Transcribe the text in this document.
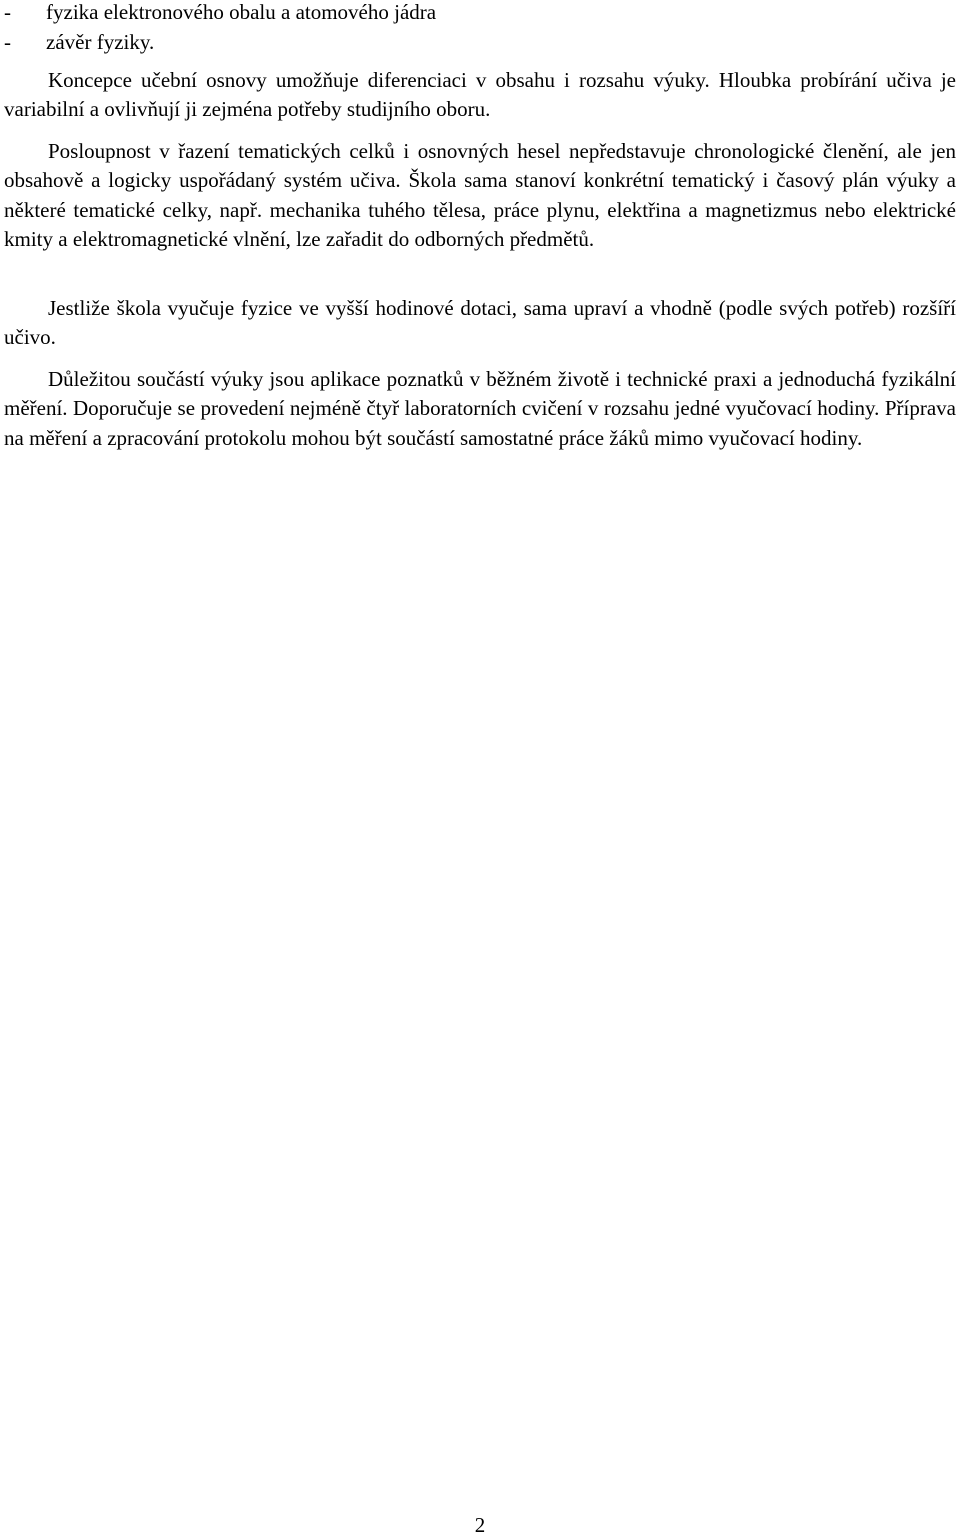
- fyzika elektronového obalu a atomového jádra
- závěr fyziky.

Koncepce učební osnovy umožňuje diferenciaci v obsahu i rozsahu výuky. Hloubka probírání učiva je variabilní a ovlivňují ji zejména potřeby studijního oboru.

Posloupnost v řazení tematických celků i osnovných hesel nepředstavuje chronologické členění, ale jen obsahově a logicky uspořádaný systém učiva. Škola sama stanoví konkrétní tematický i časový plán výuky a některé tematické celky, např. mechanika tuhého tělesa, práce plynu, elektřina a magnetizmus nebo elektrické kmity a elektromagnetické vlnění, lze zařadit do odborných předmětů.

Jestliže škola vyučuje fyzice ve vyšší hodinové dotaci, sama upraví a vhodně (podle svých potřeb) rozšíří učivo.

Důležitou součástí výuky jsou aplikace poznatků v běžném životě i technické praxi a jednoduchá fyzikální měření. Doporučuje se provedení nejméně čtyř laboratorních cvičení v rozsahu jedné vyučovací hodiny. Příprava na měření a zpracování protokolu mohou být součástí samostatné práce žáků mimo vyučovací hodiny.

2
